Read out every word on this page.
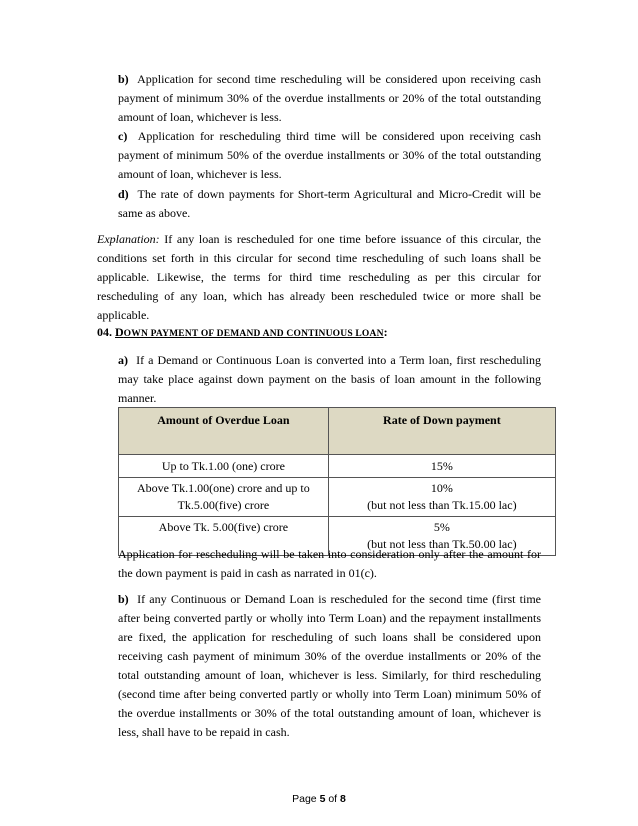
b) Application for second time rescheduling will be considered upon receiving cash payment of minimum 30% of the overdue installments or 20% of the total outstanding amount of loan, whichever is less.
c) Application for rescheduling third time will be considered upon receiving cash payment of minimum 50% of the overdue installments or 30% of the total outstanding amount of loan, whichever is less.
d) The rate of down payments for Short-term Agricultural and Micro-Credit will be same as above.
Explanation: If any loan is rescheduled for one time before issuance of this circular, the conditions set forth in this circular for second time rescheduling of such loans shall be applicable. Likewise, the terms for third time rescheduling as per this circular for rescheduling of any loan, which has already been rescheduled twice or more shall be applicable.
04. DOWN PAYMENT OF DEMAND AND CONTINUOUS LOAN:
a) If a Demand or Continuous Loan is converted into a Term loan, first rescheduling may take place against down payment on the basis of loan amount in the following manner.
Amount of Overdue Loan	Rate of Down payment
Up to Tk.1.00 (one) crore	15%
Above Tk.1.00(one) crore and up to
Tk.5.00(five) crore	10%
(but not less than Tk.15.00 lac)
Above Tk. 5.00(five) crore	5%
(but not less than Tk.50.00 lac)
Application for rescheduling will be taken into consideration only after the amount for the down payment is paid in cash as narrated in 01(c).
b) If any Continuous or Demand Loan is rescheduled for the second time (first time after being converted partly or wholly into Term Loan) and the repayment installments are fixed, the application for rescheduling of such loans shall be considered upon receiving cash payment of minimum 30% of the overdue installments or 20% of the total outstanding amount of loan, whichever is less. Similarly, for third rescheduling (second time after being converted partly or wholly into Term Loan) minimum 50% of the overdue installments or 30% of the total outstanding amount of loan, whichever is less, shall have to be repaid in cash.
Page 5 of 8
